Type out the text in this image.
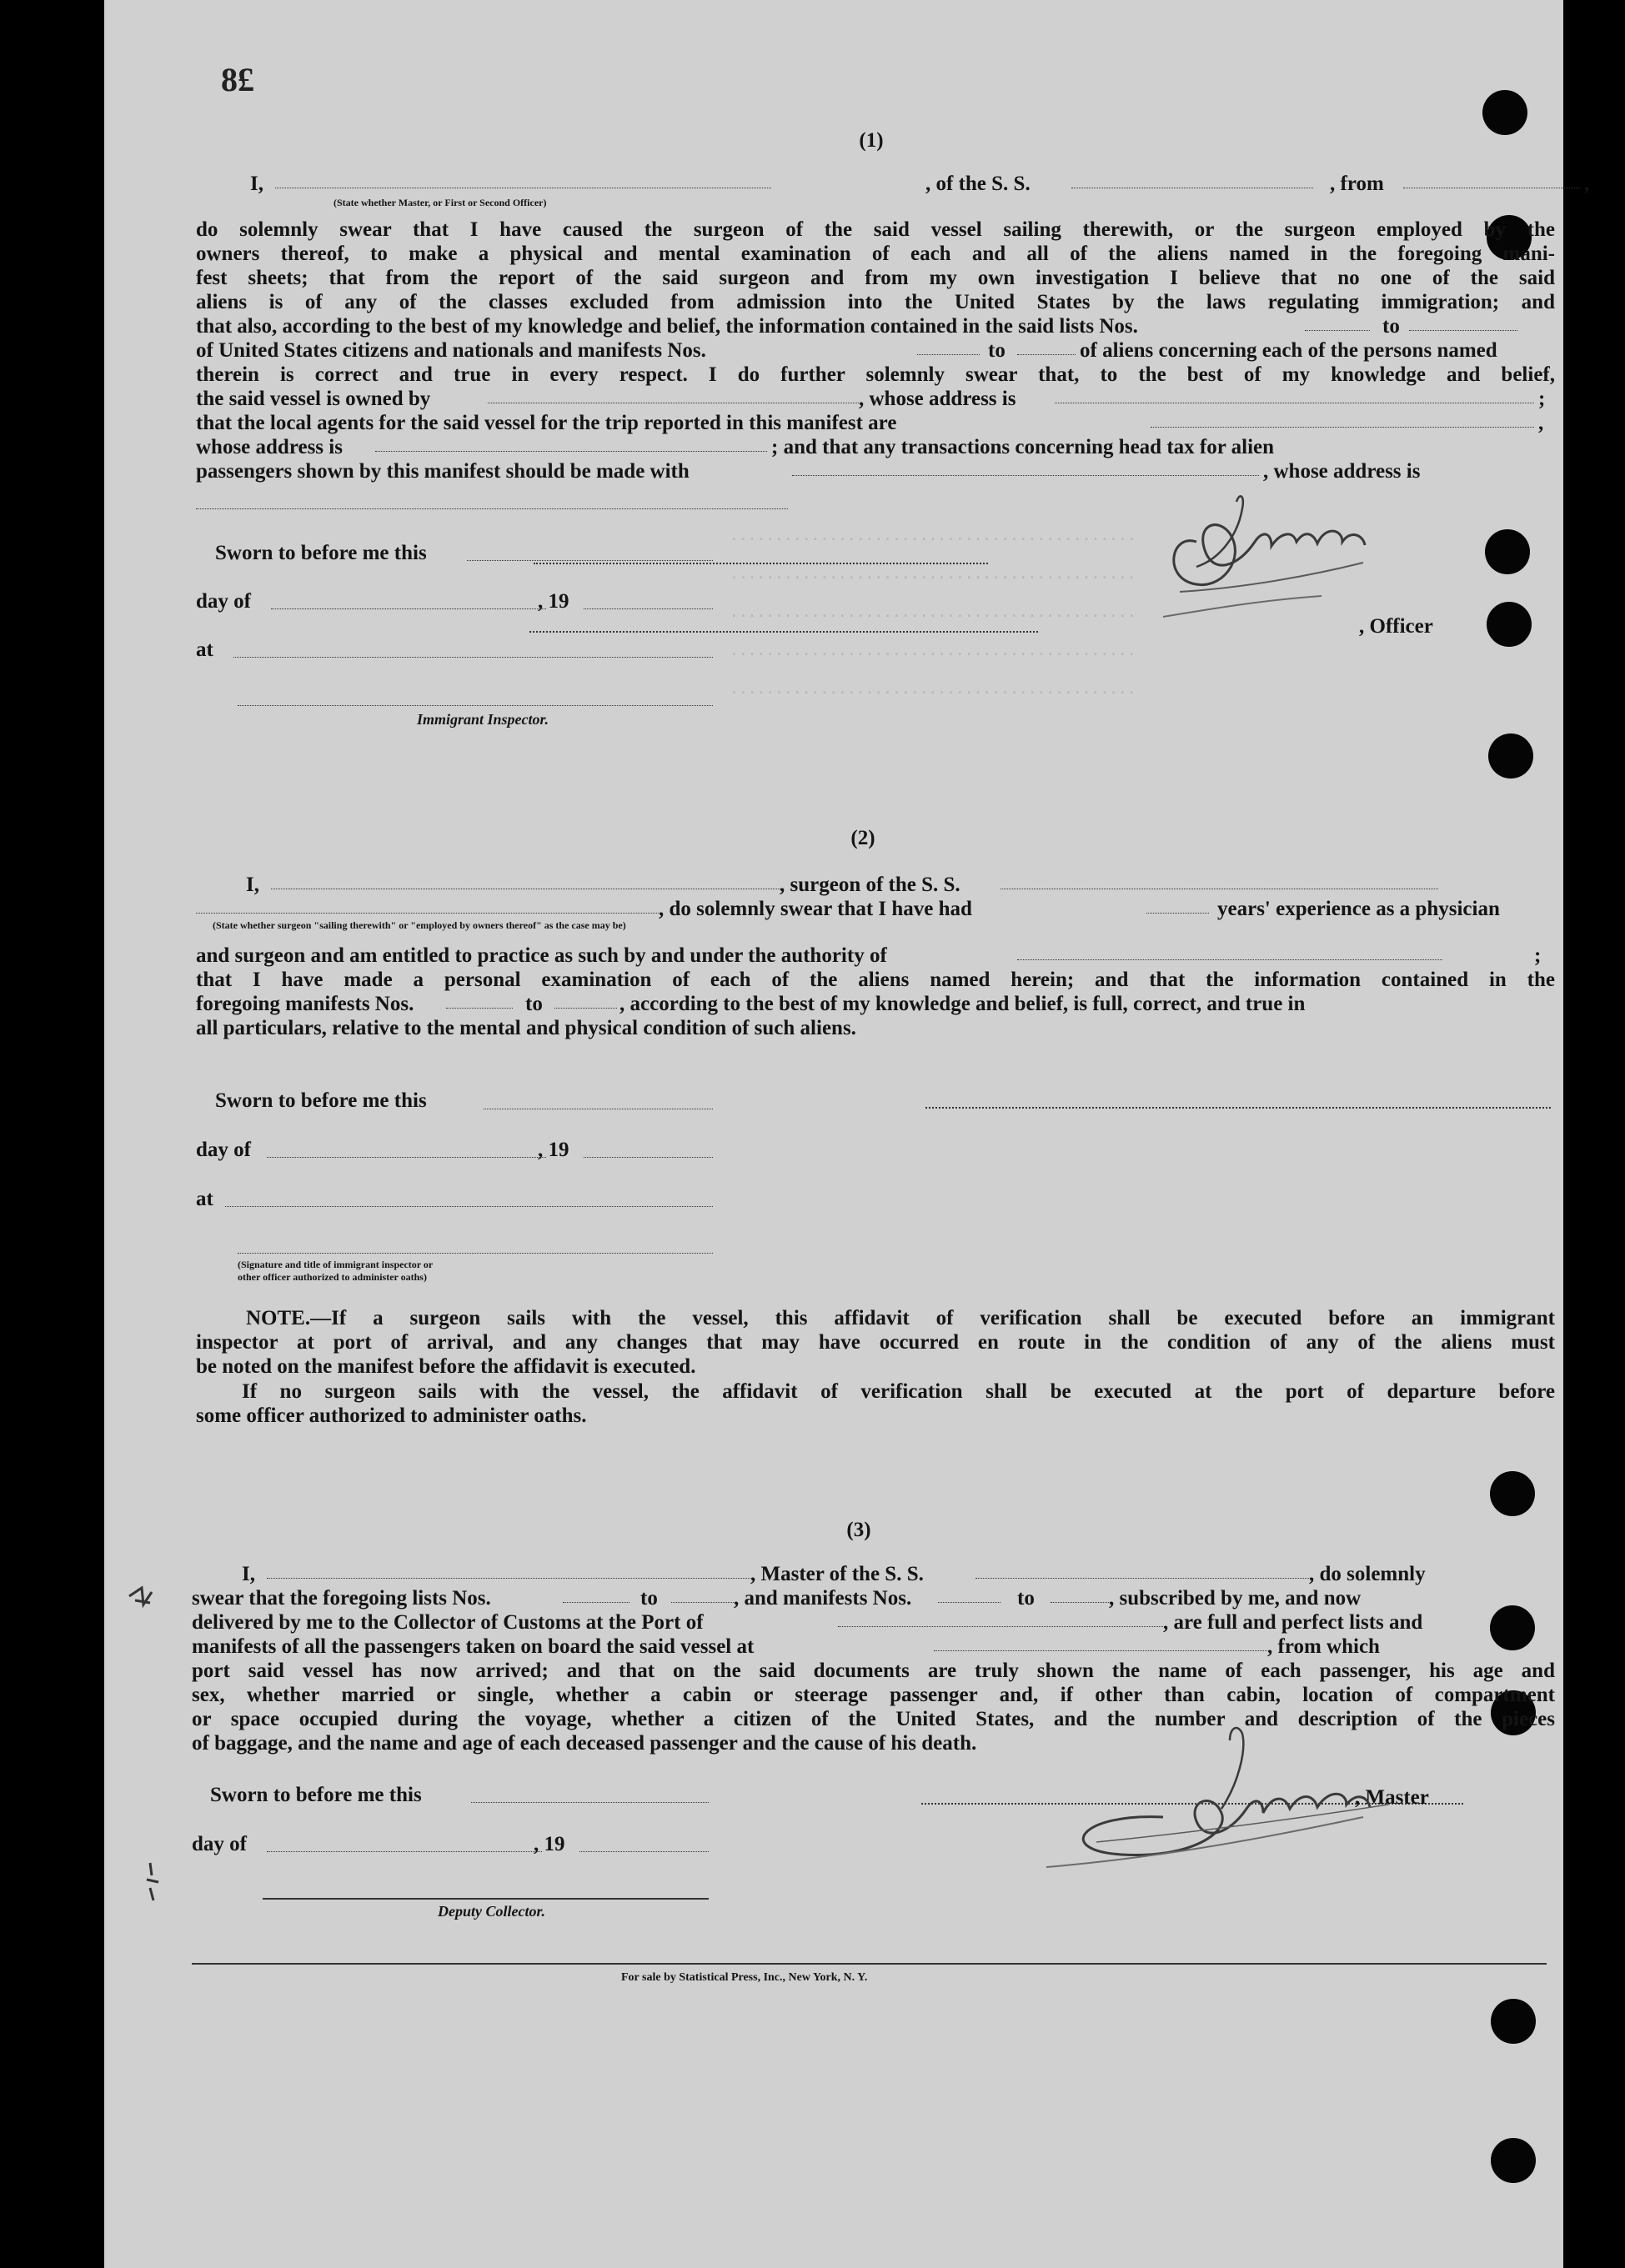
8£
·············································
·············································
·············································
·············································
·············································
(1)
I,	, of the S. S.	, from	,
(State whether Master, or First or Second Officer)
do solemnly swear that I have caused the surgeon of the said vessel sailing therewith, or the surgeon employed by the
owners thereof, to make a physical and mental examination of each and all of the aliens named in the foregoing mani-
fest sheets; that from the report of the said surgeon and from my own investigation I believe that no one of the said
aliens is of any of the classes excluded from admission into the United States by the laws regulating immigration; and
that also, according to the best of my knowledge and belief, the information contained in the said lists Nos.	to
of United States citizens and nationals and manifests Nos.	to	of aliens concerning each of the persons named
therein is correct and true in every respect. I do further solemnly swear that, to the best of my knowledge and belief,
the said vessel is owned by	, whose address is	;
that the local agents for the said vessel for the trip reported in this manifest are	,
whose address is	; and that any transactions concerning head tax for alien
passengers shown by this manifest should be made with	, whose address is
Sworn to before me this
day of	, 19
at
Immigrant Inspector.
, Officer
(2)
I,	, surgeon of the S. S.
, do solemnly swear that I have had	years' experience as a physician
(State whether surgeon "sailing therewith" or "employed by owners thereof" as the case may be)
and surgeon and am entitled to practice as such by and under the authority of	;
that I have made a personal examination of each of the aliens named herein; and that the information contained in the
foregoing manifests Nos.	to	, according to the best of my knowledge and belief, is full, correct, and true in
all particulars, relative to the mental and physical condition of such aliens.
Sworn to before me this
day of	, 19
at
(Signature and title of immigrant inspector or
other officer authorized to administer oaths)
NOTE.—If a surgeon sails with the vessel, this affidavit of verification shall be executed before an immigrant
inspector at port of arrival, and any changes that may have occurred en route in the condition of any of the aliens must
be noted on the manifest before the affidavit is executed.
If no surgeon sails with the vessel, the affidavit of verification shall be executed at the port of departure before
some officer authorized to administer oaths.
(3)
I,	, Master of the S. S.	, do solemnly
swear that the foregoing lists Nos.	to	, and manifests Nos.	to	, subscribed by me, and now
delivered by me to the Collector of Customs at the Port of	, are full and perfect lists and
manifests of all the passengers taken on board the said vessel at	, from which
port said vessel has now arrived; and that on the said documents are truly shown the name of each passenger, his age and
sex, whether married or single, whether a cabin or steerage passenger and, if other than cabin, location of compartment
or space occupied during the voyage, whether a citizen of the United States, and the number and description of the pieces
of baggage, and the name and age of each deceased passenger and the cause of his death.
Sworn to before me this
day of	, 19
Deputy Collector.
, Master
For sale by Statistical Press, Inc., New York, N. Y.
